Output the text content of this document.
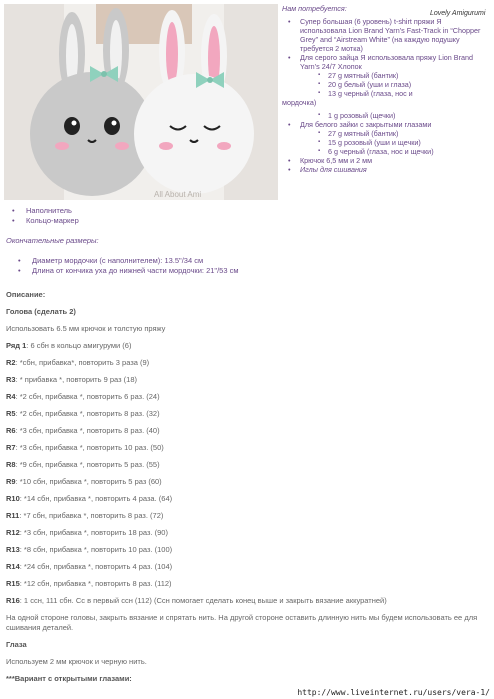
All About Ami
Lovely Amigurumi
Нам потребуется:
• Супер большая (6 уровень) t-shirt пряжи Я использовала Lion Brand Yarn’s Fast-Track in “Chopper Grey” and “Airstream White” (на каждую подушку требуется 2 мотка)
• Для серого зайца Я использовала пряжу Lion Brand Yarn’s 24/7 Хлопок
▪ 27 g мятный (бантик)
▪ 20 g белый (уши и глаза)
▪ 13 g черный (глаза, нос и
мордочка)
▪ 1 g розовый (щечки)
• Для белого зайки с закрытыми глазами
▪ 27 g мятный (бантик)
▪ 15 g розовый (уши и щечки)
▪ 6 g черный (глаза, нос и щечки)
• Крючок 6,5 мм и 2 мм
• Иглы для сшивания
• Наполнитель
• Кольцо-маркер
Окончательные размеры:
• Диаметр мордочки (с наполнителем): 13.5"/34 см
• Длина от кончика уха до нижней части мордочки: 21"/53 см
Описание:
Голова (сделать 2)
Использовать 6.5 мм крючок и толстую пряжу
Ряд 1: 6 сбн в кольцо амигуруми (6)
R2: *сбн, прибавка*, повторить 3 раза (9)
R3: * прибавка *, повторить 9 раз (18)
R4: *2 сбн, прибавка *, повторить 6 раз. (24)
R5: *2 сбн, прибавка *, повторить 8 раз. (32)
R6: *3 сбн, прибавка *, повторить 8 раз. (40)
R7: *3 сбн, прибавка *, повторить 10 раз. (50)
R8: *9 сбн, прибавка *, повторить 5 раз. (55)
R9: *10 сбн, прибавка *, повторить 5 раз (60)
R10: *14 сбн, прибавка *, повторить 4 раза. (64)
R11: *7 сбн, прибавка *, повторить 8 раз. (72)
R12: *3 сбн, прибавка *, повторить 18 раз. (90)
R13: *8 сбн, прибавка *, повторить 10 раз. (100)
R14: *24 сбн, прибавка *, повторить 4 раз. (104)
R15: *12 сбн, прибавка *, повторить 8 раз. (112)
R16: 1 ссн, 111 сбн. Сс в первый ссн (112) (Ссн помогает сделать конец выше и закрыть вязание аккуратней)
На одной стороне головы, закрыть вязание и спрятать нить. На другой стороне оставить длинную нить мы будем использовать ее для сшивания деталей.
Глаза
Используем 2 мм крючок и черную нить.
***Вариант с открытыми глазами:
http://www.liveinternet.ru/users/vera-1/
